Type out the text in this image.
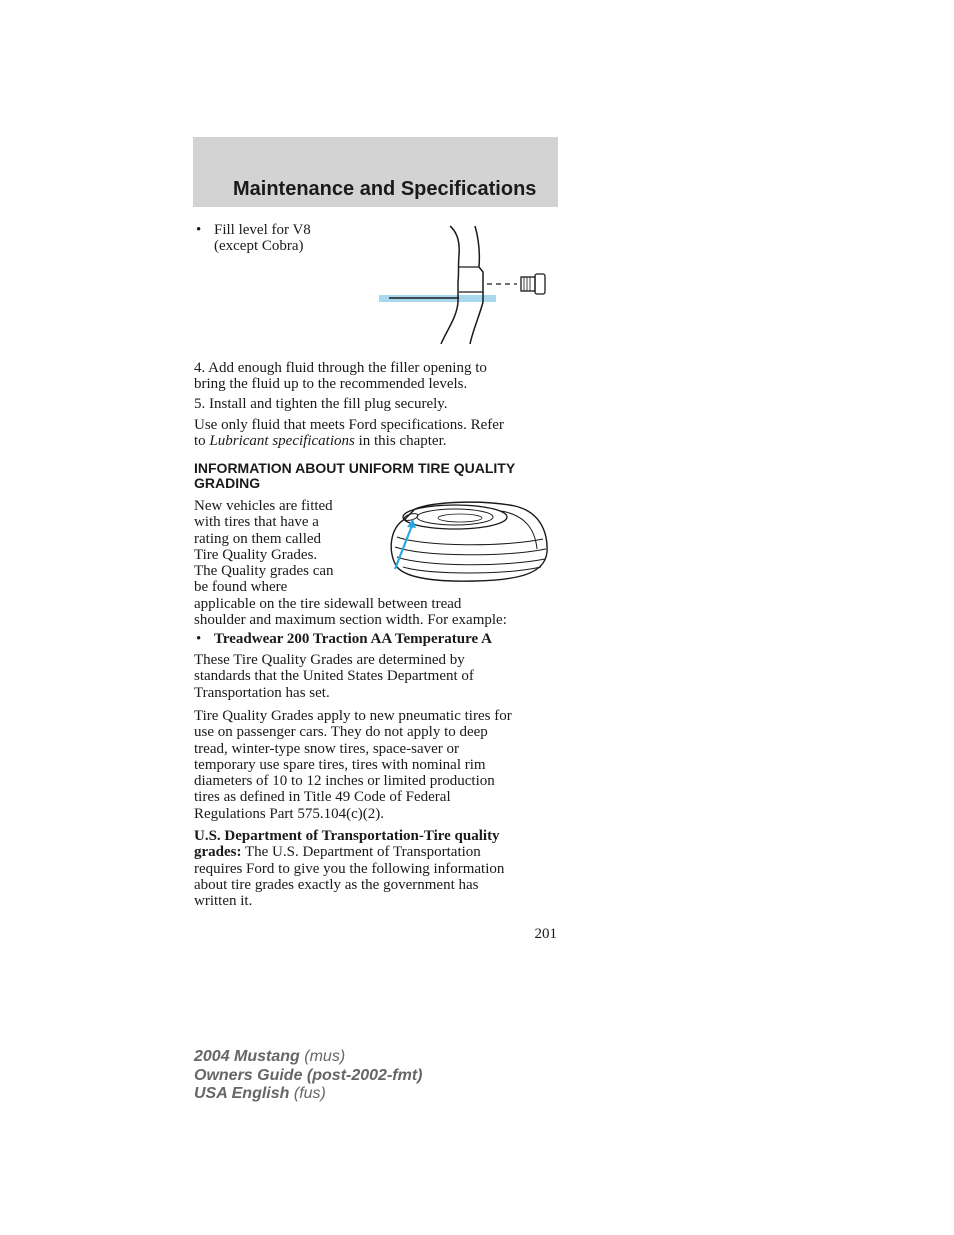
Maintenance and Specifications
• Fill level for V8
(except Cobra)

4. Add enough fluid through the filler opening to
bring the fluid up to the recommended levels.

5. Install and tighten the fill plug securely.

Use only fluid that meets Ford specifications. Refer
to Lubricant specifications in this chapter.

INFORMATION ABOUT UNIFORM TIRE QUALITY
GRADING

New vehicles are fitted
with tires that have a
rating on them called
Tire Quality Grades.
The Quality grades can
be found where
applicable on the tire sidewall between tread
shoulder and maximum section width. For example:

• Treadwear 200 Traction AA Temperature A

These Tire Quality Grades are determined by
standards that the United States Department of
Transportation has set.

Tire Quality Grades apply to new pneumatic tires for
use on passenger cars. They do not apply to deep
tread, winter-type snow tires, space-saver or
temporary use spare tires, tires with nominal rim
diameters of 10 to 12 inches or limited production
tires as defined in Title 49 Code of Federal
Regulations Part 575.104(c)(2).

U.S. Department of Transportation-Tire quality
grades: The U.S. Department of Transportation
requires Ford to give you the following information
about tire grades exactly as the government has
written it.

201
2004 Mustang (mus)
Owners Guide (post-2002-fmt)
USA English (fus)
